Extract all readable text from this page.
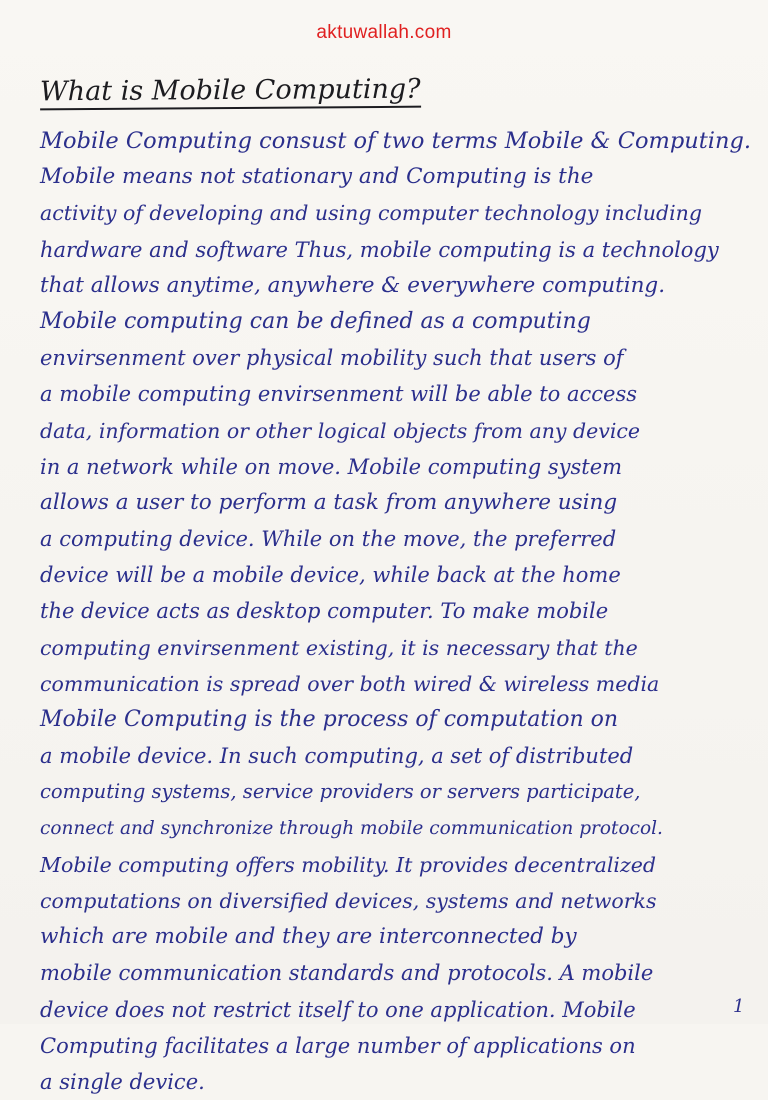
aktuwallah.com
What is Mobile Computing?
Mobile Computing consust of two terms Mobile & Computing.
Mobile means not stationary and Computing is the
activity of developing and using computer technology including
hardware and software Thus, mobile computing is a technology
that allows anytime, anywhere & everywhere computing.
Mobile computing can be defined as a computing
envirsenment over physical mobility such that users of
a mobile computing envirsenment will be able to access
data, information or other logical objects from any device
in a network while on move. Mobile computing system
allows a user to perform a task from anywhere using
a computing device. While on the move, the preferred
device will be a mobile device, while back at the home
the device acts as desktop computer. To make mobile
computing envirsenment existing, it is necessary that the
communication is spread over both wired & wireless media
Mobile Computing is the process of computation on
a mobile device. In such computing, a set of distributed
computing systems, service providers or servers participate,
connect and synchronize through mobile communication protocol.
Mobile computing offers mobility. It provides decentralized
computations on diversified devices, systems and networks
which are mobile and they are interconnected by
mobile communication standards and protocols. A mobile
device does not restrict itself to one application. Mobile
Computing facilitates a large number of applications on
a single device.
1
